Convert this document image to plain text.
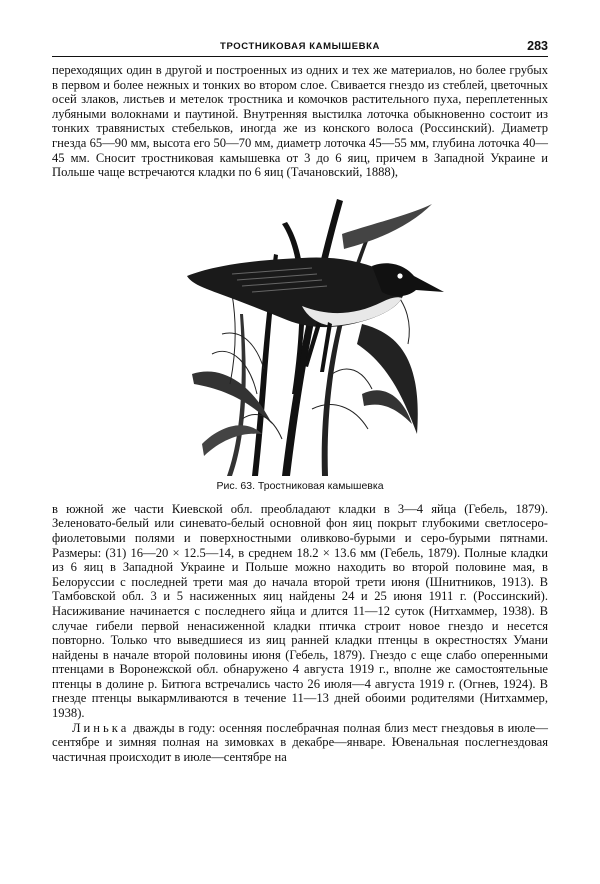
ТРОСТНИКОВАЯ КАМЫШЕВКА	283

переходящих один в другой и построенных из одних и тех же материалов, но более грубых в первом и более нежных и тонких во втором слое. Свивается гнездо из стеблей, цветочных осей злаков, листьев и метелок тростника и комочков растительного пуха, переплетенных лубяными волокнами и паутиной. Внутренняя выстилка лоточка обыкновенно состоит из тонких травянистых стебельков, иногда же из конского волоса (Россинский). Диаметр гнезда 65—90 мм, высота его 50—70 мм, диаметр лоточка 45—55 мм, глубина лоточка 40—45 мм. Сносит тростниковая камышевка от 3 до 6 яиц, причем в Западной Украине и Польше чаще встречаются кладки по 6 яиц (Тачановский, 1888),

Рис. 63. Тростниковая камышевка

в южной же части Киевской обл. преобладают кладки в 3—4 яйца (Гебель, 1879). Зеленовато-белый или синевато-белый основной фон яиц покрыт глубокими светлосеро-фиолетовыми полями и поверхностными оливково-бурыми и серо-бурыми пятнами. Размеры: (31) 16—20 × 12.5—14, в среднем 18.2 × 13.6 мм (Гебель, 1879). Полные кладки из 6 яиц в Западной Украине и Польше можно находить во второй половине мая, в Белоруссии с последней трети мая до начала второй трети июня (Шнитников, 1913). В Тамбовской обл. 3 и 5 насиженных яиц найдены 24 и 25 июня 1911 г. (Россинский). Насиживание начинается с последнего яйца и длится 11—12 суток (Нитхаммер, 1938). В случае гибели первой ненасиженной кладки птичка строит новое гнездо и несется повторно. Только что выведшиеся из яиц ранней кладки птенцы в окрестностях Умани найдены в начале второй половины июня (Гебель, 1879). Гнездо с еще слабо оперенными птенцами в Воронежской обл. обнаружено 4 августа 1919 г., вполне же самостоятельные птенцы в долине р. Битюга встречались часто 26 июля—4 августа 1919 г. (Огнев, 1924). В гнезде птенцы выкармливаются в течение 11—13 дней обоими родителями (Нитхаммер, 1938).

Линька дважды в году: осенняя послебрачная полная близ мест гнездовья в июле—сентябре и зимняя полная на зимовках в декабре—январе. Ювенальная послегнездовая частичная происходит в июле—сентябре на
